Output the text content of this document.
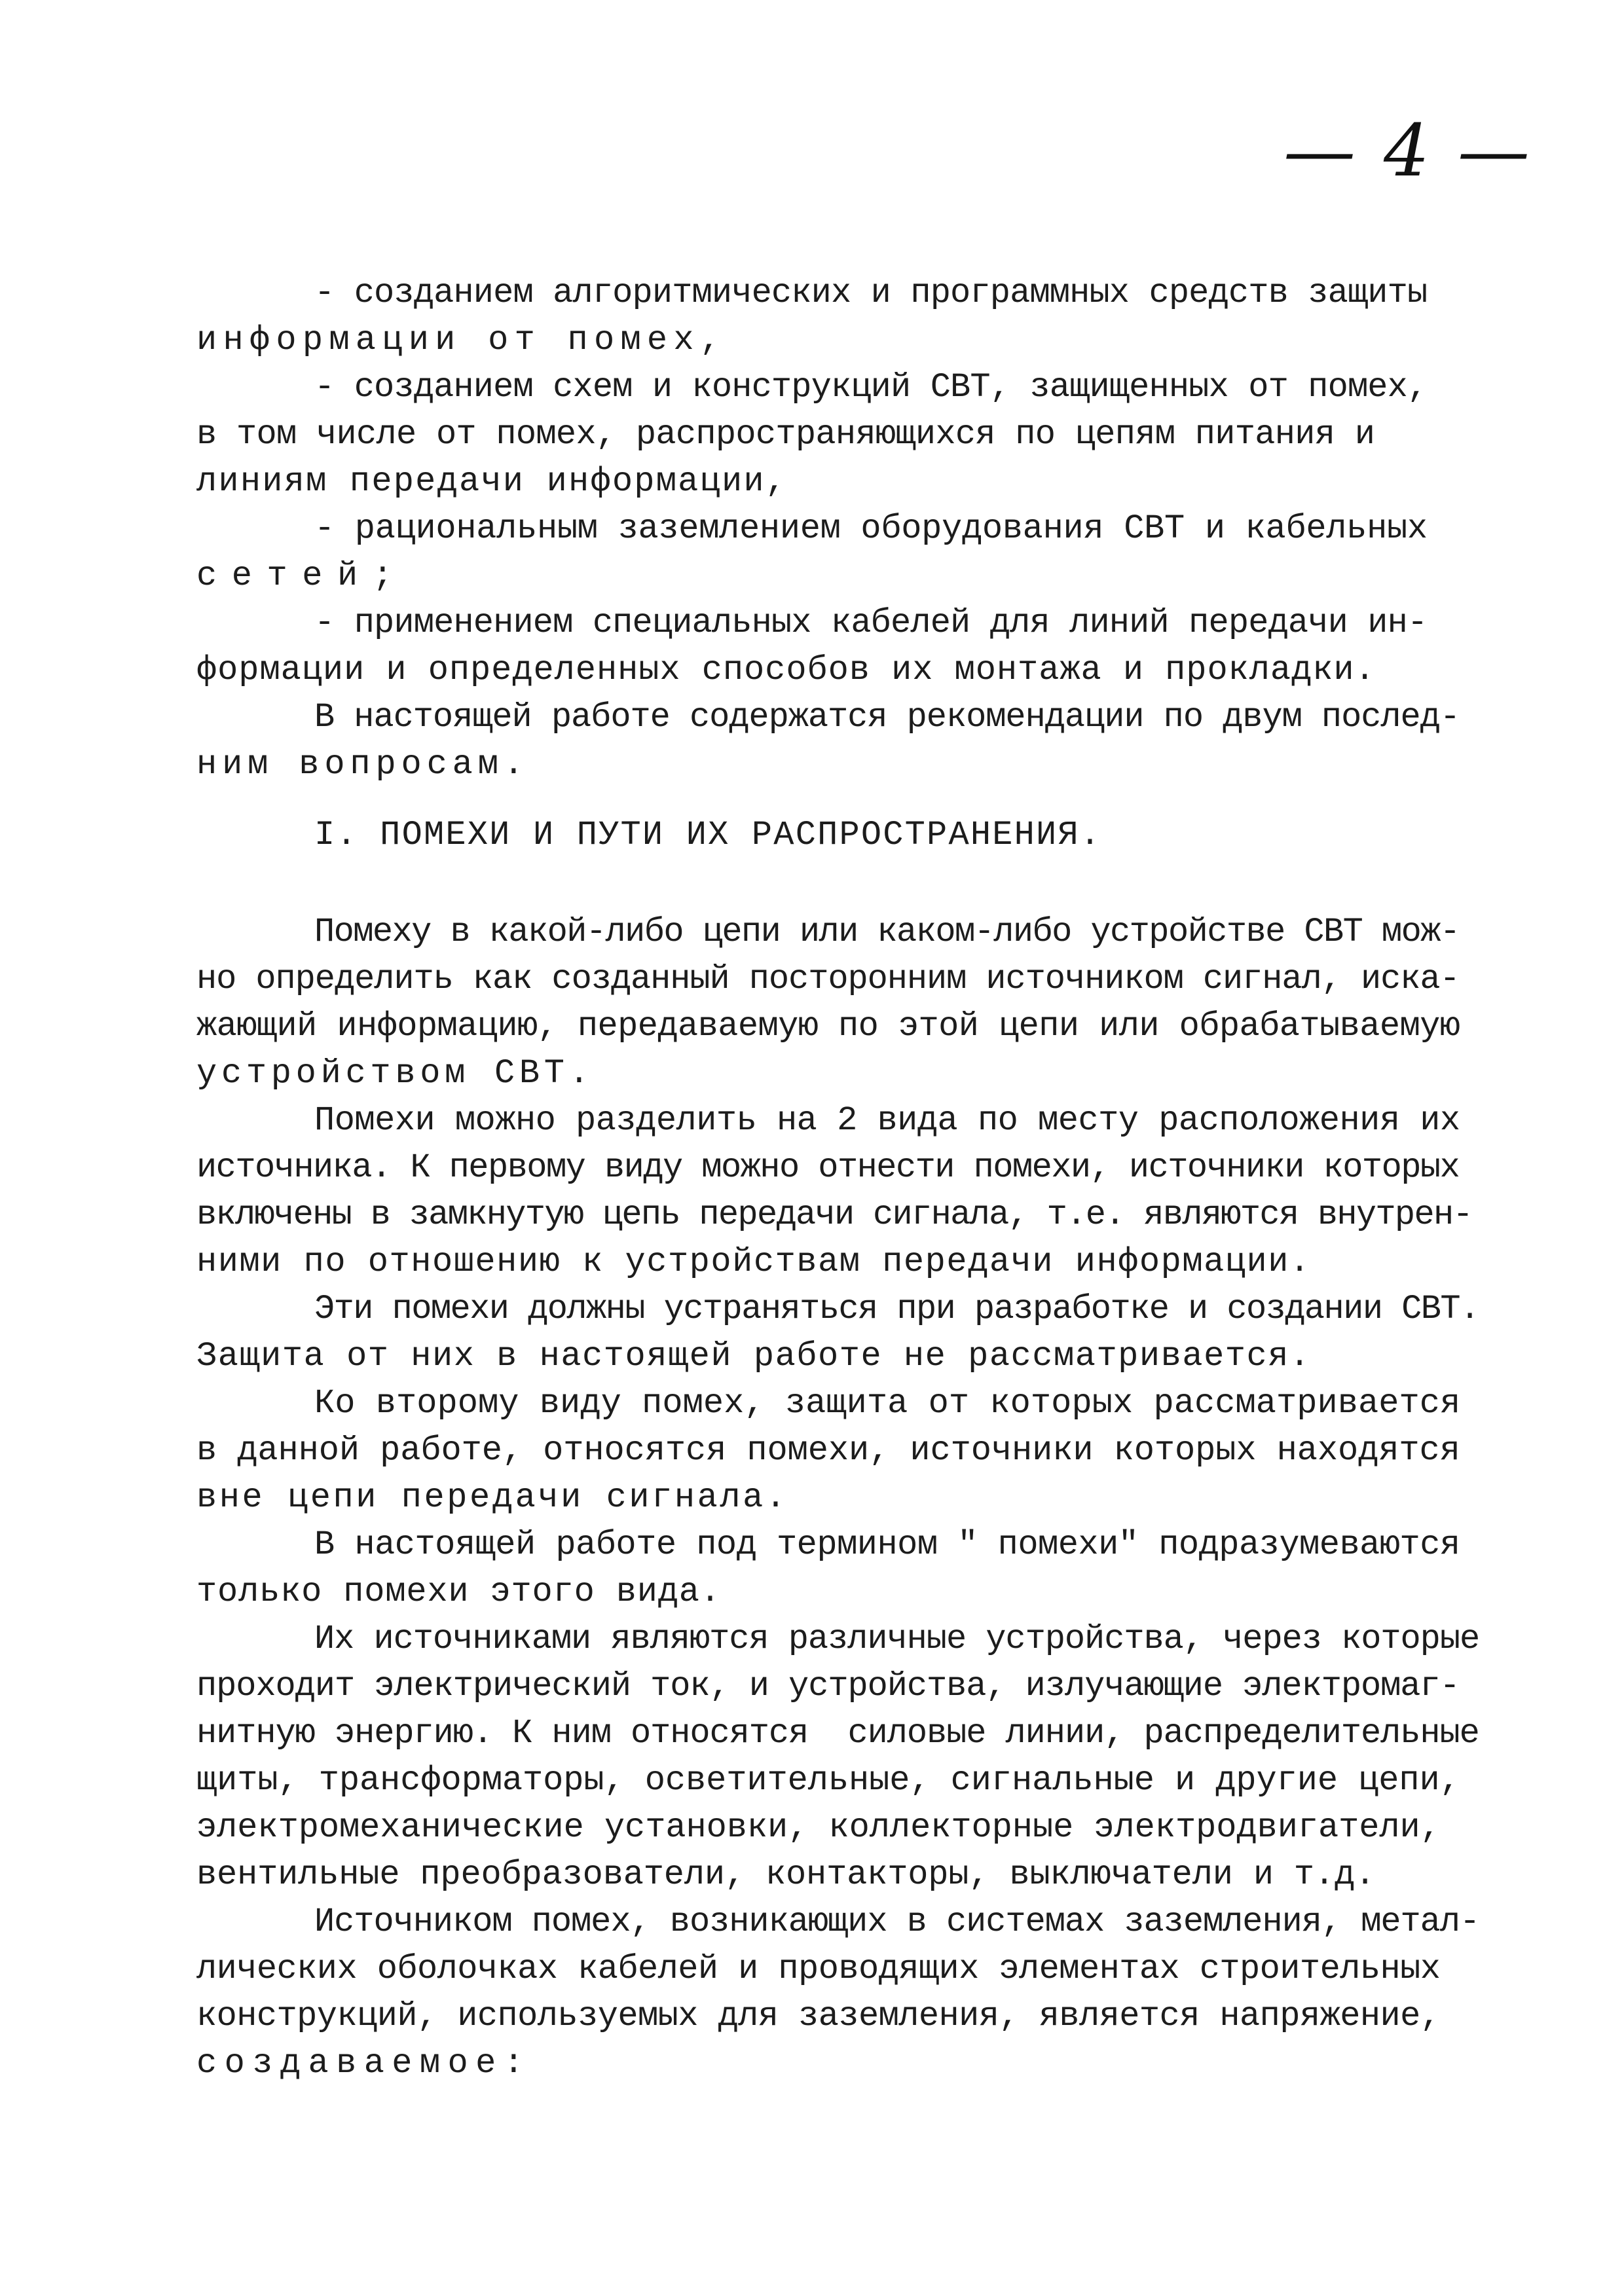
— 4 —
- созданием алгоритмических и программных средств защиты
информации от помех,
- созданием схем и конструкций СВТ, защищенных от помех,
в том числе от помех, распространяющихся по цепям питания и
линиям передачи информации,
- рациональным заземлением оборудования СВТ и кабельных
сетей;
- применением специальных кабелей для линий передачи ин-
формации и определенных способов их монтажа и прокладки.
В настоящей работе содержатся рекомендации по двум послед-
ним вопросам.
I. ПОМЕХИ И ПУТИ ИХ РАСПРОСТРАНЕНИЯ.
Помеху в какой-либо цепи или каком-либо устройстве СВТ мож-
но определить как созданный посторонним источником сигнал, иска-
жающий информацию, передаваемую по этой цепи или обрабатываемую
устройством СВТ.
Помехи можно разделить на 2 вида по месту расположения их
источника. К первому виду можно отнести помехи, источники которых
включены в замкнутую цепь передачи сигнала, т.е. являются внутрен-
ними по отношению к устройствам передачи информации.
Эти помехи должны устраняться при разработке и создании СВТ.
Защита от них в настоящей работе не рассматривается.
Ко второму виду помех, защита от которых рассматривается
в данной работе, относятся помехи, источники которых находятся
вне цепи передачи сигнала.
В настоящей работе под термином " помехи" подразумеваются
только помехи этого вида.
Их источниками являются различные устройства, через которые
проходит электрический ток, и устройства, излучающие электромаг-
нитную энергию. К ним относятся  силовые линии, распределительные
щиты, трансформаторы, осветительные, сигнальные и другие цепи,
электромеханические установки, коллекторные электродвигатели,
вентильные преобразователи, контакторы, выключатели и т.д.
Источником помех, возникающих в системах заземления, метал-
лических оболочках кабелей и проводящих элементах строительных
конструкций, используемых для заземления, является напряжение,
создаваемое:
